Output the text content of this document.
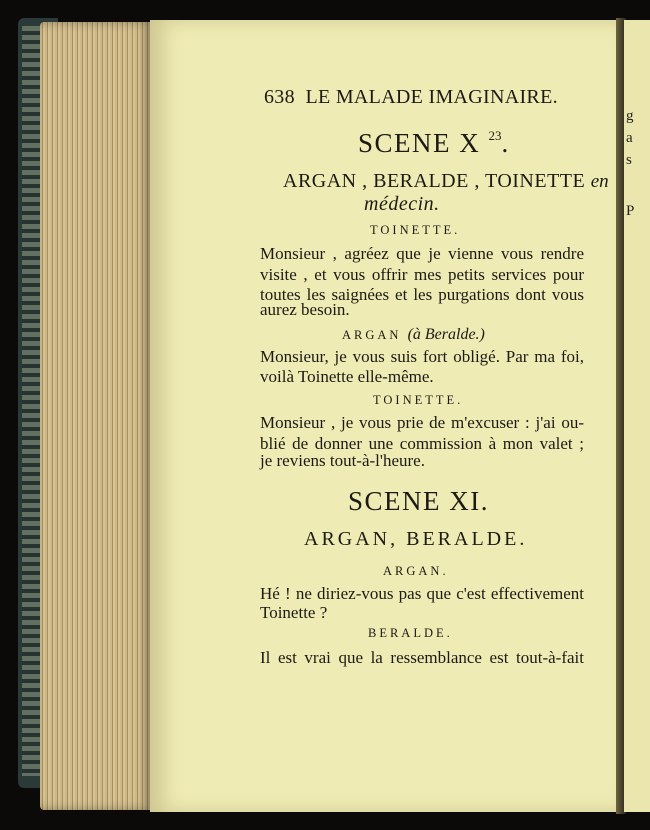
g
a
s
P
638 LE MALADE IMAGINAIRE.
SCENE X $^{23}$.
ARGAN , BERALDE , TOINETTE en
médecin.
TOINETTE.
Monsieur , agréez que je vienne vous rendre
visite , et vous offrir mes petits services pour
toutes les saignées et les purgations dont vous
aurez besoin.
ARGAN (à Beralde.)
Monsieur, je vous suis fort obligé. Par ma foi,
voilà Toinette elle-même.
TOINETTE.
Monsieur , je vous prie de m'excuser : j'ai ou-
blié de donner une commission à mon valet ;
je reviens tout-à-l'heure.
SCENE XI.
ARGAN, BERALDE.
ARGAN.
Hé ! ne diriez-vous pas que c'est effectivement
Toinette ?
BERALDE.
Il est vrai que la ressemblance est tout-à-fait
